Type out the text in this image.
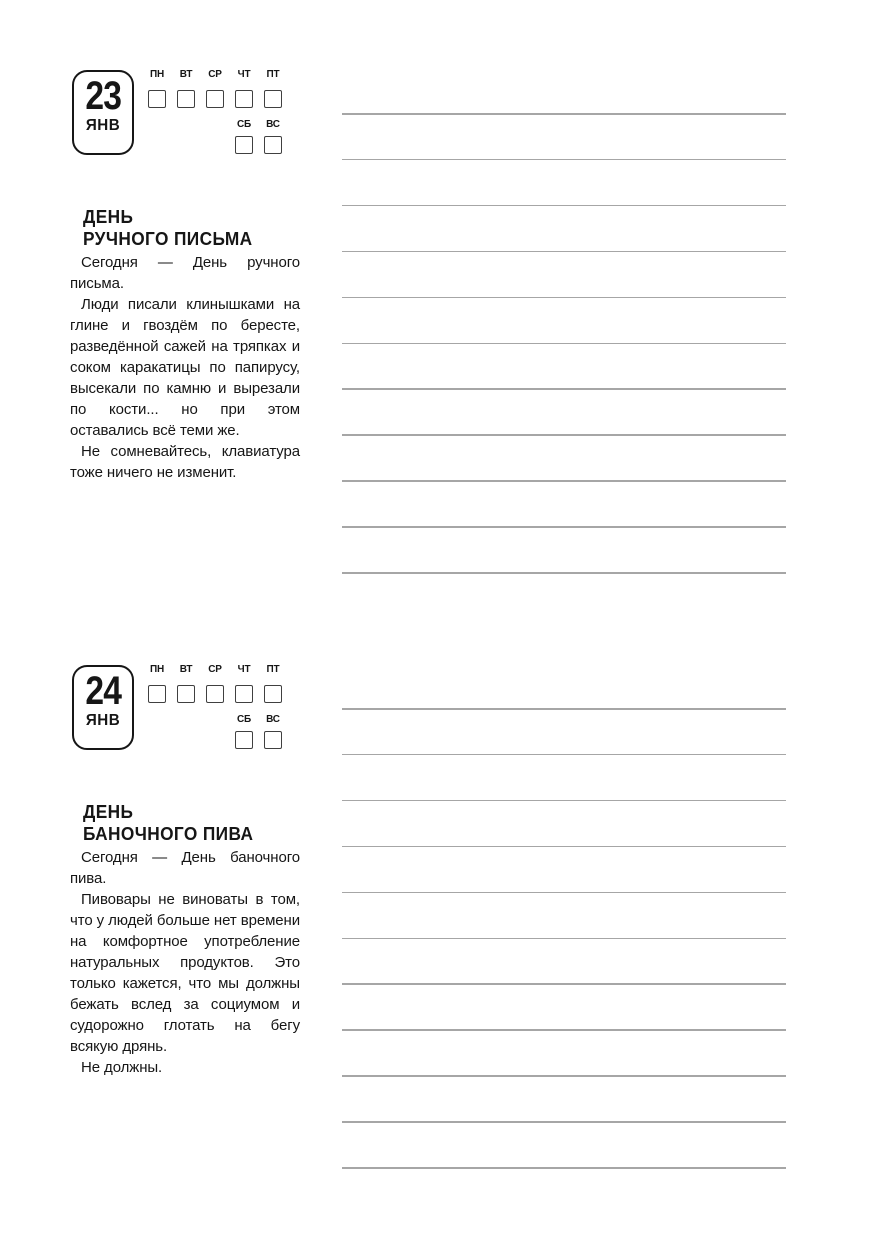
23
ЯНВ
ПН ВТ СР ЧТ ПТ
СБ ВС
ДЕНЬ
РУЧНОГО ПИСЬМА

Сегодня — День ручного письма.

Люди писали клинышками на глине и гвоздём по бересте, разведённой сажей на тряпках и соком каракатицы по папирусу, высекали по камню и вырезали по кости... но при этом оставались всё теми же.

Не сомневайтесь, клавиатура тоже ничего не изменит.

24
ЯНВ
ПН ВТ СР ЧТ ПТ
СБ ВС
ДЕНЬ
БАНОЧНОГО ПИВА

Сегодня — День баночного пива.

Пивовары не виноваты в том, что у людей больше нет времени на комфортное употребление натуральных продуктов. Это только кажется, что мы должны бежать вслед за социумом и судорожно глотать на бегу всякую дрянь.

Не должны.
